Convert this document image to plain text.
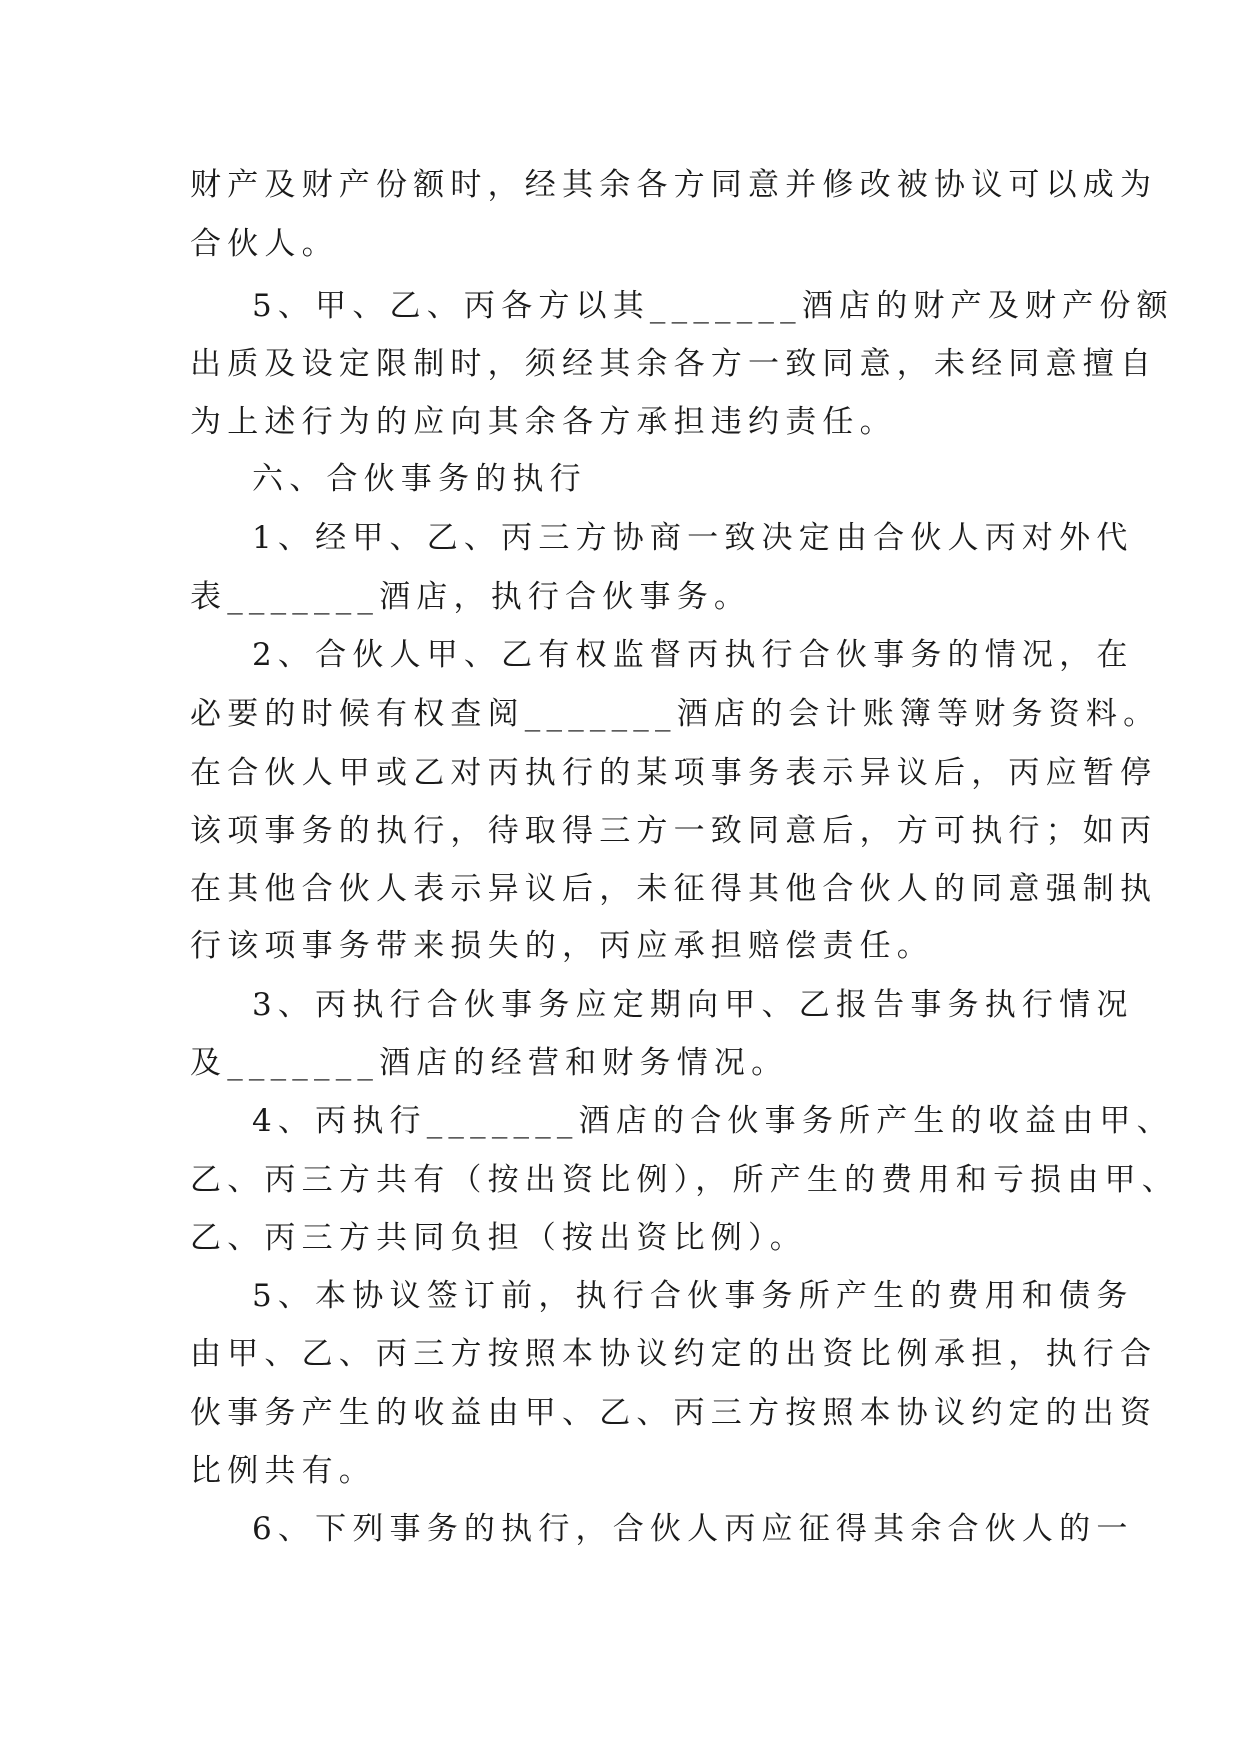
财产及财产份额时，经其余各方同意并修改被协议可以成为
合伙人。
5、甲、乙、丙各方以其_______酒店的财产及财产份额
出质及设定限制时，须经其余各方一致同意，未经同意擅自
为上述行为的应向其余各方承担违约责任。
六、合伙事务的执行
1、经甲、乙、丙三方协商一致决定由合伙人丙对外代
表_______酒店，执行合伙事务。
2、合伙人甲、乙有权监督丙执行合伙事务的情况，在
必要的时候有权查阅_______酒店的会计账簿等财务资料。
在合伙人甲或乙对丙执行的某项事务表示异议后，丙应暂停
该项事务的执行，待取得三方一致同意后，方可执行；如丙
在其他合伙人表示异议后，未征得其他合伙人的同意强制执
行该项事务带来损失的，丙应承担赔偿责任。
3、丙执行合伙事务应定期向甲、乙报告事务执行情况
及_______酒店的经营和财务情况。
4、丙执行_______酒店的合伙事务所产生的收益由甲、
乙、丙三方共有（按出资比例），所产生的费用和亏损由甲、
乙、丙三方共同负担（按出资比例）。
5、本协议签订前，执行合伙事务所产生的费用和债务
由甲、乙、丙三方按照本协议约定的出资比例承担，执行合
伙事务产生的收益由甲、乙、丙三方按照本协议约定的出资
比例共有。
6、下列事务的执行，合伙人丙应征得其余合伙人的一
